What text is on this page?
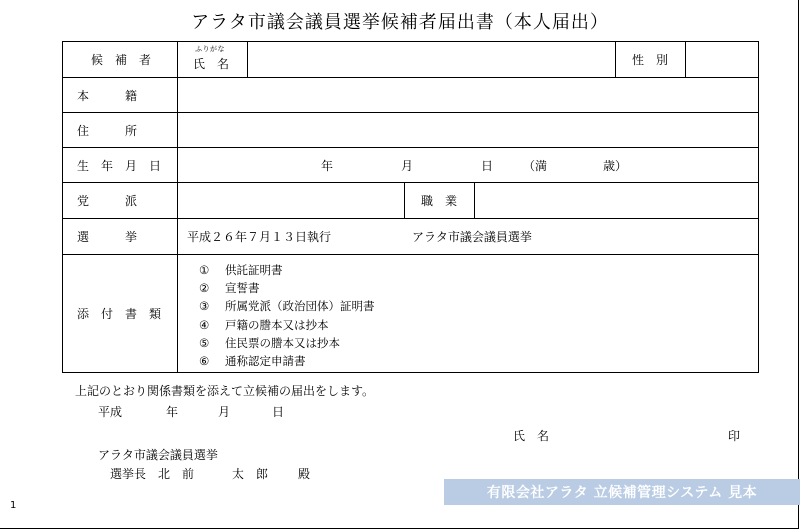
アラタ市議会議員選挙候補者届出書（本人届出）
候　補　者
ふりがな
氏　名	性　別
本　　　籍
住　　　所
生　年　月　日	年	月	日 （満	歳）
党　　　派	職　業
選　　　挙	平成２６年７月１３日執行	アラタ市議会議員選挙
添　付　書　類
① 供託証明書
② 宣誓書
③ 所属党派（政治団体）証明書
④ 戸籍の謄本又は抄本
⑤ 住民票の謄本又は抄本
⑥ 通称認定申請書
上記のとおり関係書類を添えて立候補の届出をします。
平成	年	月	日
氏　名	印
アラタ市議会議員選挙
選挙長　北　前	太　郎 殿
有限会社アラタ 立候補管理システム 見本
1
